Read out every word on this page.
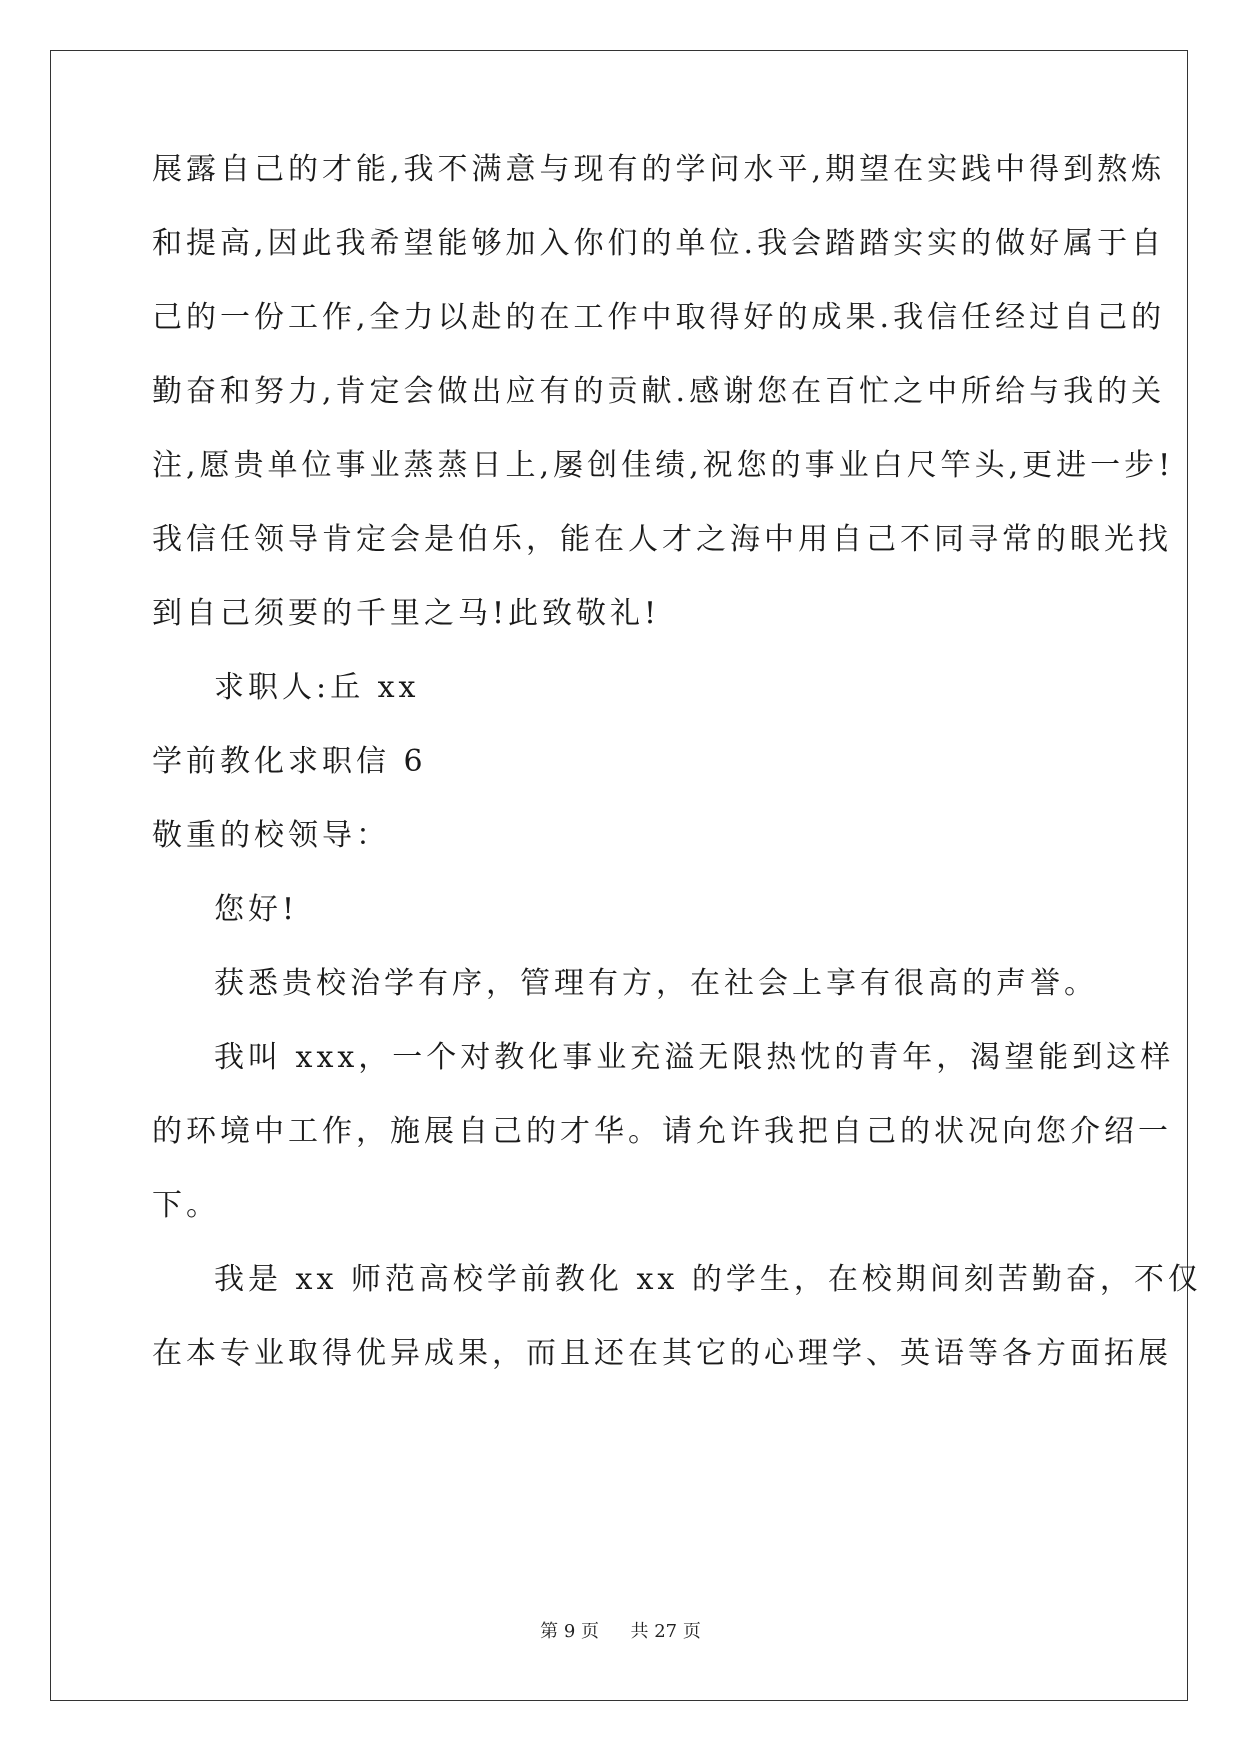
展露自己的才能,我不满意与现有的学问水平,期望在实践中得到熬炼
和提高,因此我希望能够加入你们的单位.我会踏踏实实的做好属于自
己的一份工作,全力以赴的在工作中取得好的成果.我信任经过自己的
勤奋和努力,肯定会做出应有的贡献.感谢您在百忙之中所给与我的关
注,愿贵单位事业蒸蒸日上,屡创佳绩,祝您的事业白尺竿头,更进一步!
我信任领导肯定会是伯乐，能在人才之海中用自己不同寻常的眼光找
到自己须要的千里之马!此致敬礼!
求职人:丘 xx
学前教化求职信 6
敬重的校领导：
您好!
获悉贵校治学有序，管理有方，在社会上享有很高的声誉。
我叫 xxx，一个对教化事业充溢无限热忱的青年，渴望能到这样
的环境中工作，施展自己的才华。请允许我把自己的状况向您介绍一
下。
我是 xx 师范高校学前教化 xx 的学生，在校期间刻苦勤奋，不仅
在本专业取得优异成果，而且还在其它的心理学、英语等各方面拓展
第 9 页 共 27 页
